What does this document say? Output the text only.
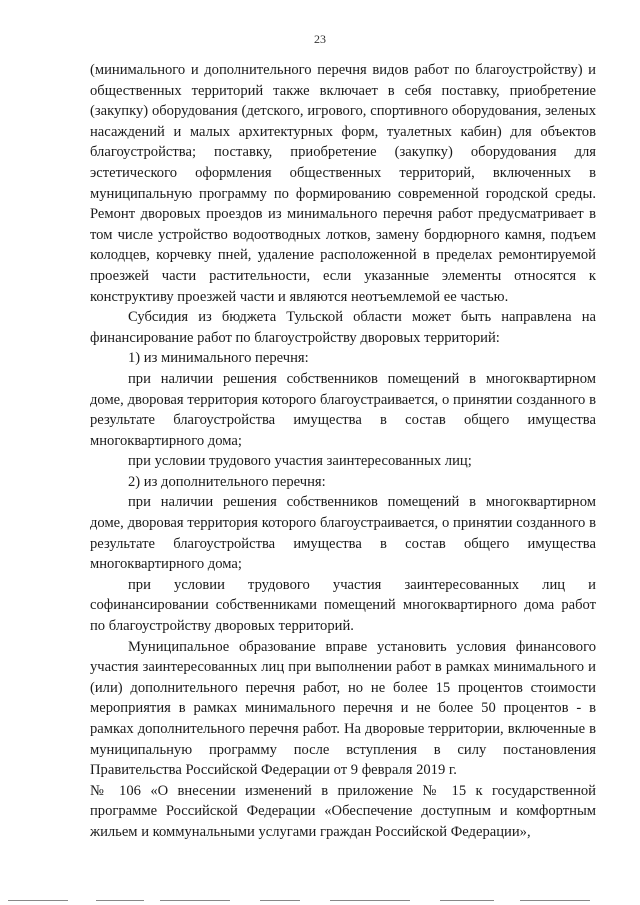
23

(минимального и дополнительного перечня видов работ по благоустройству) и общественных территорий также включает в себя поставку, приобретение (закупку) оборудования (детского, игрового, спортивного оборудования, зеленых насаждений и малых архитектурных форм, туалетных кабин) для объектов благоустройства; поставку, приобретение (закупку) оборудования для эстетического оформления общественных территорий, включенных в муниципальную программу по формированию современной городской среды. Ремонт дворовых проездов из минимального перечня работ предусматривает в том числе устройство водоотводных лотков, замену бордюрного камня, подъем колодцев, корчевку пней, удаление расположенной в пределах ремонтируемой проезжей части растительности, если указанные элементы относятся к конструктиву проезжей части и являются неотъемлемой ее частью.

Субсидия из бюджета Тульской области может быть направлена на финансирование работ по благоустройству дворовых территорий:

1) из минимального перечня:

при наличии решения собственников помещений в многоквартирном доме, дворовая территория которого благоустраивается, о принятии созданного в результате благоустройства имущества в состав общего имущества многоквартирного дома;

при условии трудового участия заинтересованных лиц;

2) из дополнительного перечня:

при наличии решения собственников помещений в многоквартирном доме, дворовая территория которого благоустраивается, о принятии созданного в результате благоустройства имущества в состав общего имущества многоквартирного дома;

при условии трудового участия заинтересованных лиц и софинансировании собственниками помещений многоквартирного дома работ по благоустройству дворовых территорий.

Муниципальное образование вправе установить условия финансового участия заинтересованных лиц при выполнении работ в рамках минимального и (или) дополнительного перечня работ, но не более 15 процентов стоимости мероприятия в рамках минимального перечня и не более 50 процентов - в рамках дополнительного перечня работ. На дворовые территории, включенные в муниципальную программу после вступления в силу постановления Правительства Российской Федерации от 9 февраля 2019 г.

№ 106 «О внесении изменений в приложение № 15 к государственной программе Российской Федерации «Обеспечение доступным и комфортным жильем и коммунальными услугами граждан Российской Федерации»,
